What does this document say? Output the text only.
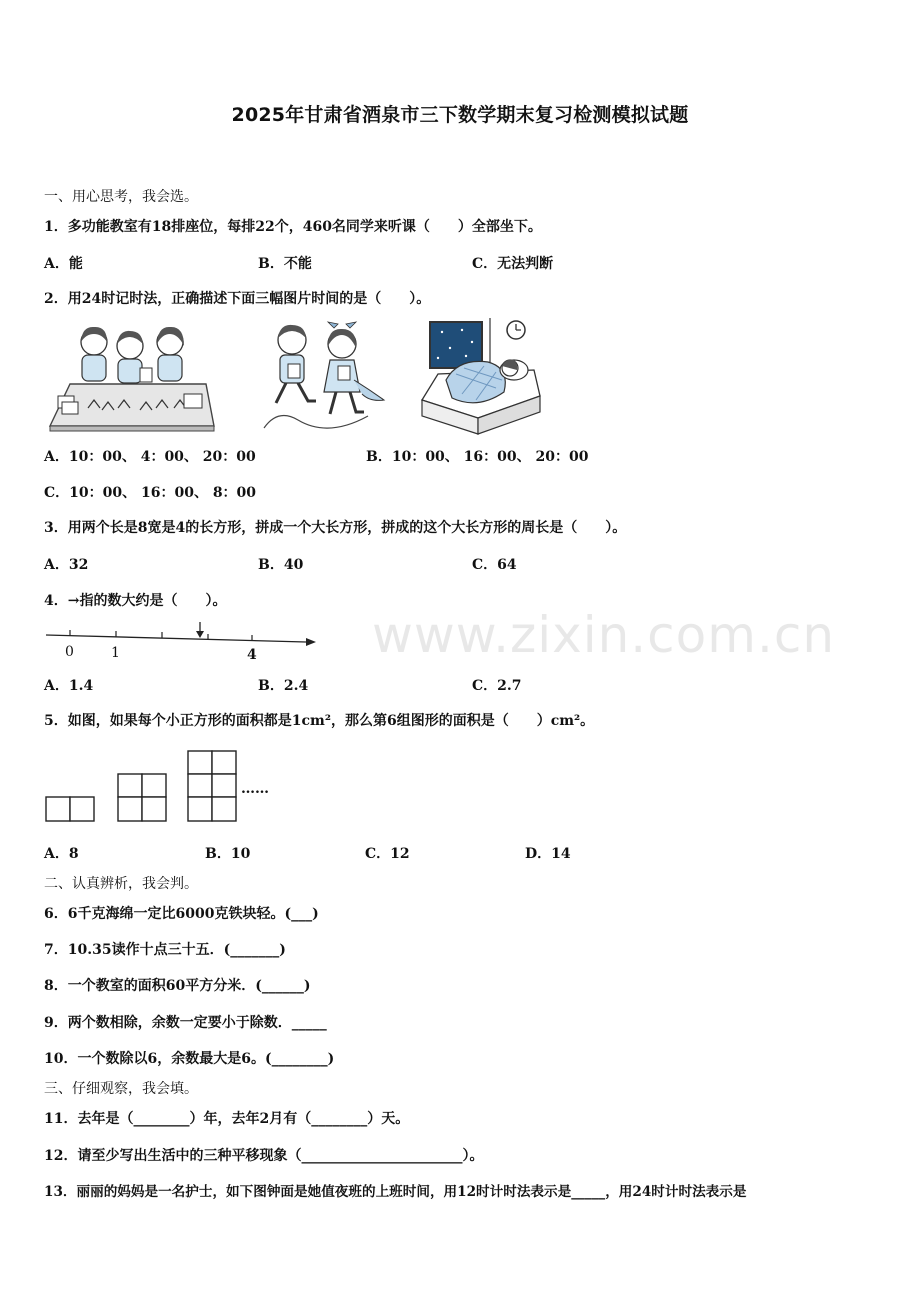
2025年甘肃省酒泉市三下数学期末复习检测模拟试题
一、用心思考，我会选。
1．多功能教室有18排座位，每排22个，460名同学来听课（　　）全部坐下。
A．能	B．不能	C．无法判断
2．用24时记时法，正确描述下面三幅图片时间的是（　　）。
A．10：00、 4：00、 20：00	B．10：00、 16：00、 20：00
C．10：00、 16：00、 8：00
3．用两个长是8宽是4的长方形，拼成一个大长方形，拼成的这个大长方形的周长是（　　）。
A．32	B．40	C．64
4．→指的数大约是（　　）。
0	1	4 www.zixin.com.cn
A．1.4	B．2.4	C．2.7
5．如图，如果每个小正方形的面积都是1cm²，那么第6组图形的面积是（　　）cm²。
……
A．8	B．10	C．12	D．14
二、认真辨析，我会判。
6．6千克海绵一定比6000克铁块轻。(___)
7．10.35读作十点三十五．(_______)
8．一个教室的面积60平方分米．(______)
9．两个数相除，余数一定要小于除数．_____
10．一个数除以6，余数最大是6。(________)
三、仔细观察，我会填。
11．去年是（________）年，去年2月有（________）天。
12．请至少写出生活中的三种平移现象（_______________________）。
13．丽丽的妈妈是一名护士，如下图钟面是她值夜班的上班时间，用12时计时法表示是_____，用24时计时法表示是
